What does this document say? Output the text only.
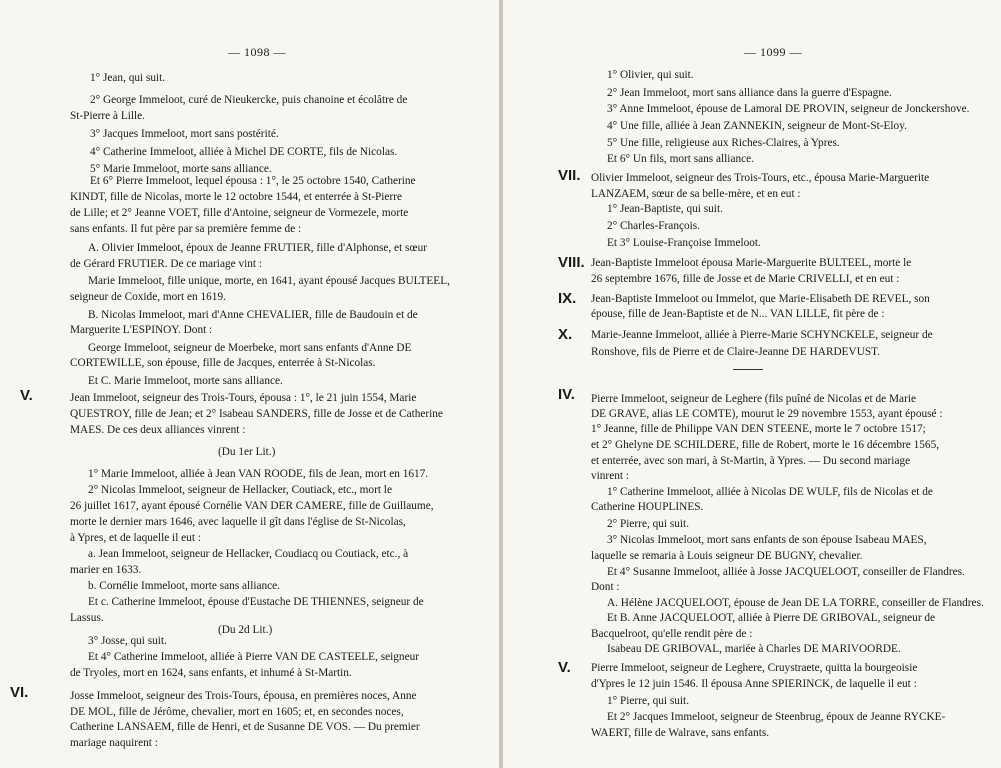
— 1098 —
1° Jean, qui suit.
2° George Immeloot, curé de Nieukercke, puis chanoine et écolâtre de
St-Pierre à Lille.
3° Jacques Immeloot, mort sans postérité.
4° Catherine Immeloot, alliée à Michel DE CORTE, fils de Nicolas.
5° Marie Immeloot, morte sans alliance.
Et 6° Pierre Immeloot, lequel épousa : 1°, le 25 octobre 1540, Catherine
KINDT, fille de Nicolas, morte le 12 octobre 1544, et enterrée à St-Pierre
de Lille; et 2° Jeanne VOET, fille d'Antoine, seigneur de Vormezele, morte
sans enfants. Il fut père par sa première femme de :
A. Olivier Immeloot, époux de Jeanne FRUTIER, fille d'Alphonse, et sœur
de Gérard FRUTIER. De ce mariage vint :
Marie Immeloot, fille unique, morte, en 1641, ayant épousé Jacques BULTEEL,
seigneur de Coxide, mort en 1619.
B. Nicolas Immeloot, mari d'Anne CHEVALIER, fille de Baudouin et de
Marguerite L'ESPINOY. Dont :
George Immeloot, seigneur de Moerbeke, mort sans enfants d'Anne DE
CORTEWILLE, son épouse, fille de Jacques, enterrée à St-Nicolas.
Et C. Marie Immeloot, morte sans alliance.
Jean Immeloot, seigneur des Trois-Tours, épousa : 1°, le 21 juin 1554, Marie
QUESTROY, fille de Jean; et 2° Isabeau SANDERS, fille de Josse et de Catherine
MAES. De ces deux alliances vinrent :
(Du 1er Lit.)
1° Marie Immeloot, alliée à Jean VAN ROODE, fils de Jean, mort en 1617.
2° Nicolas Immeloot, seigneur de Hellacker, Coutiack, etc., mort le
26 juillet 1617, ayant épousé Cornélie VAN DER CAMERE, fille de Guillaume,
morte le dernier mars 1646, avec laquelle il gît dans l'église de St-Nicolas,
à Ypres, et de laquelle il eut :
a. Jean Immeloot, seigneur de Hellacker, Coudiacq ou Coutiack, etc., à
marier en 1633.
b. Cornélie Immeloot, morte sans alliance.
Et c. Catherine Immeloot, épouse d'Eustache DE THIENNES, seigneur de
Lassus.
(Du 2d Lit.)
3° Josse, qui suit.
Et 4° Catherine Immeloot, alliée à Pierre VAN DE CASTEELE, seigneur
de Tryoles, mort en 1624, sans enfants, et inhumé à St-Martin.
Josse Immeloot, seigneur des Trois-Tours, épousa, en premières noces, Anne
DE MOL, fille de Jérôme, chevalier, mort en 1605; et, en secondes noces,
Catherine LANSAEM, fille de Henri, et de Susanne DE VOS. — Du premier
mariage naquirent :
V.
VI.
— 1099 —
1° Olivier, qui suit.
2° Jean Immeloot, mort sans alliance dans la guerre d'Espagne.
3° Anne Immeloot, épouse de Lamoral DE PROVIN, seigneur de Jonckershove.
4° Une fille, alliée à Jean ZANNEKIN, seigneur de Mont-St-Eloy.
5° Une fille, religieuse aux Riches-Claires, à Ypres.
Et 6° Un fils, mort sans alliance.
Olivier Immeloot, seigneur des Trois-Tours, etc., épousa Marie-Marguerite
LANZAEM, sœur de sa belle-mère, et en eut :
1° Jean-Baptiste, qui suit.
2° Charles-François.
Et 3° Louise-Françoise Immeloot.
Jean-Baptiste Immeloot épousa Marie-Marguerite BULTEEL, morte le
26 septembre 1676, fille de Josse et de Marie CRIVELLI, et en eut :
Jean-Baptiste Immeloot ou Immelot, que Marie-Elisabeth DE REVEL, son
épouse, fille de Jean-Baptiste et de N... VAN LILLE, fit père de :
Marie-Jeanne Immeloot, alliée à Pierre-Marie SCHYNCKELE, seigneur de
Ronshove, fils de Pierre et de Claire-Jeanne DE HARDEVUST.
Pierre Immeloot, seigneur de Leghere (fils puîné de Nicolas et de Marie
DE GRAVE, alias LE COMTE), mourut le 29 novembre 1553, ayant épousé :
1° Jeanne, fille de Philippe VAN DEN STEENE, morte le 7 octobre 1517;
et 2° Ghelyne DE SCHILDERE, fille de Robert, morte le 16 décembre 1565,
et enterrée, avec son mari, à St-Martin, à Ypres. — Du second mariage
vinrent :
1° Catherine Immeloot, alliée à Nicolas DE WULF, fils de Nicolas et de
Catherine HOUPLINES.
2° Pierre, qui suit.
3° Nicolas Immeloot, mort sans enfants de son épouse Isabeau MAES,
laquelle se remaria à Louis seigneur DE BUGNY, chevalier.
Et 4° Susanne Immeloot, alliée à Josse JACQUELOOT, conseiller de Flandres.
Dont :
A. Hélène JACQUELOOT, épouse de Jean DE LA TORRE, conseiller de Flandres.
Et B. Anne JACQUELOOT, alliée à Pierre DE GRIBOVAL, seigneur de
Bacquelroot, qu'elle rendit père de :
Isabeau DE GRIBOVAL, mariée à Charles DE MARIVOORDE.
Pierre Immeloot, seigneur de Leghere, Cruystraete, quitta la bourgeoisie
d'Ypres le 12 juin 1546. Il épousa Anne SPIERINCK, de laquelle il eut :
1° Pierre, qui suit.
Et 2° Jacques Immeloot, seigneur de Steenbrug, époux de Jeanne RYCKE-
WAERT, fille de Walrave, sans enfants.
VII.
VIII.
IX.
X.
IV.
V.
